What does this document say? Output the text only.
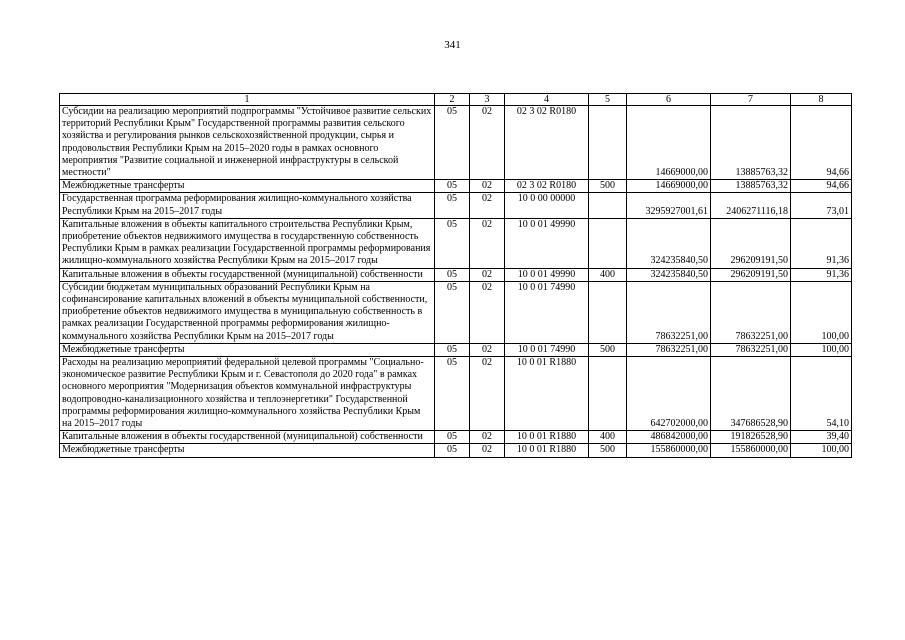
341
1	2	3	4	5	6	7	8
Субсидии на реализацию мероприятий подпрограммы "Устойчивое развитие сельских территорий Республики Крым" Государственной программы развития сельского хозяйства и регулирования рынков сельскохозяйственной продукции, сырья и продовольствия Республики Крым на 2015–2020 годы в рамках основного мероприятия "Развитие социальной и инженерной инфраструктуры в сельской местности"	05	02	02 3 02 R0180		14669000,00	13885763,32	94,66
Межбюджетные трансферты	05	02	02 3 02 R0180	500	14669000,00	13885763,32	94,66
Государственная программа реформирования жилищно-коммунального хозяйства Республики Крым на 2015–2017 годы	05	02	10 0 00 00000		3295927001,61	2406271116,18	73,01
Капитальные вложения в объекты капитального строительства Республики Крым, приобретение объектов недвижимого имущества в государственную собственность Республики Крым в рамках реализации Государственной программы реформирования жилищно-коммунального хозяйства Республики Крым на 2015–2017 годы	05	02	10 0 01 49990		324235840,50	296209191,50	91,36
Капитальные вложения в объекты государственной (муниципальной) собственности	05	02	10 0 01 49990	400	324235840,50	296209191,50	91,36
Субсидии бюджетам муниципальных образований Республики Крым на софинансирование капитальных вложений в объекты муниципальной собственности, приобретение объектов недвижимого имущества в муниципальную собственность в рамках реализации Государственной программы реформирования жилищно-коммунального хозяйства Республики Крым на 2015–2017 годы	05	02	10 0 01 74990		78632251,00	78632251,00	100,00
Межбюджетные трансферты	05	02	10 0 01 74990	500	78632251,00	78632251,00	100,00
Расходы на реализацию мероприятий федеральной целевой программы "Социально-экономическое развитие Республики Крым и г. Севастополя до 2020 года" в рамках основного мероприятия "Модернизация объектов коммунальной инфраструктуры водопроводно-канализационного хозяйства и теплоэнергетики" Государственной программы реформирования жилищно-коммунального хозяйства Республики Крым на 2015–2017 годы	05	02	10 0 01 R1880		642702000,00	347686528,90	54,10
Капитальные вложения в объекты государственной (муниципальной) собственности	05	02	10 0 01 R1880	400	486842000,00	191826528,90	39,40
Межбюджетные трансферты	05	02	10 0 01 R1880	500	155860000,00	155860000,00	100,00
